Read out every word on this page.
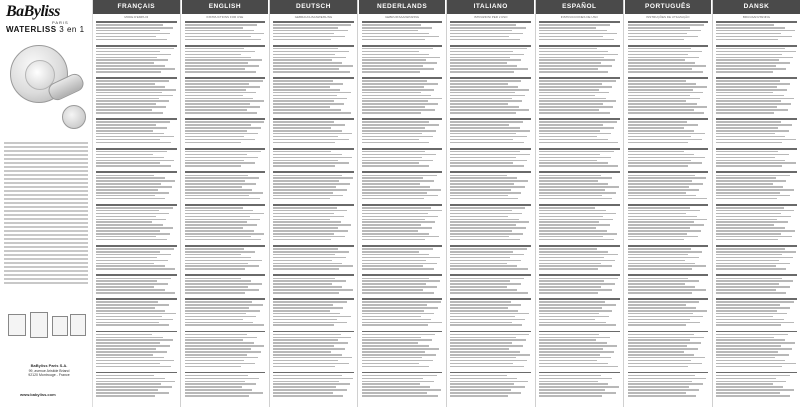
BaByliss
PARIS
WATERLISS 3 en 1
BaByliss Paris S.A.
99, avenue Aristide Briand
92120 Montrouge - France
www.babyliss.com
FRANÇAIS
MODE D'EMPLOI
ENGLISH
INSTRUCTIONS FOR USE
DEUTSCH
GEBRAUCHSANWEISUNG
NEDERLANDS
GEBRUIKSAANWIJZING
ITALIANO
ISTRUZIONI PER L'USO
ESPAÑOL
INSTRUCCIONES DE USO
PORTUGUÊS
INSTRUÇÕES DE UTILIZAÇÃO
DANSK
BRUGSANVISNING
